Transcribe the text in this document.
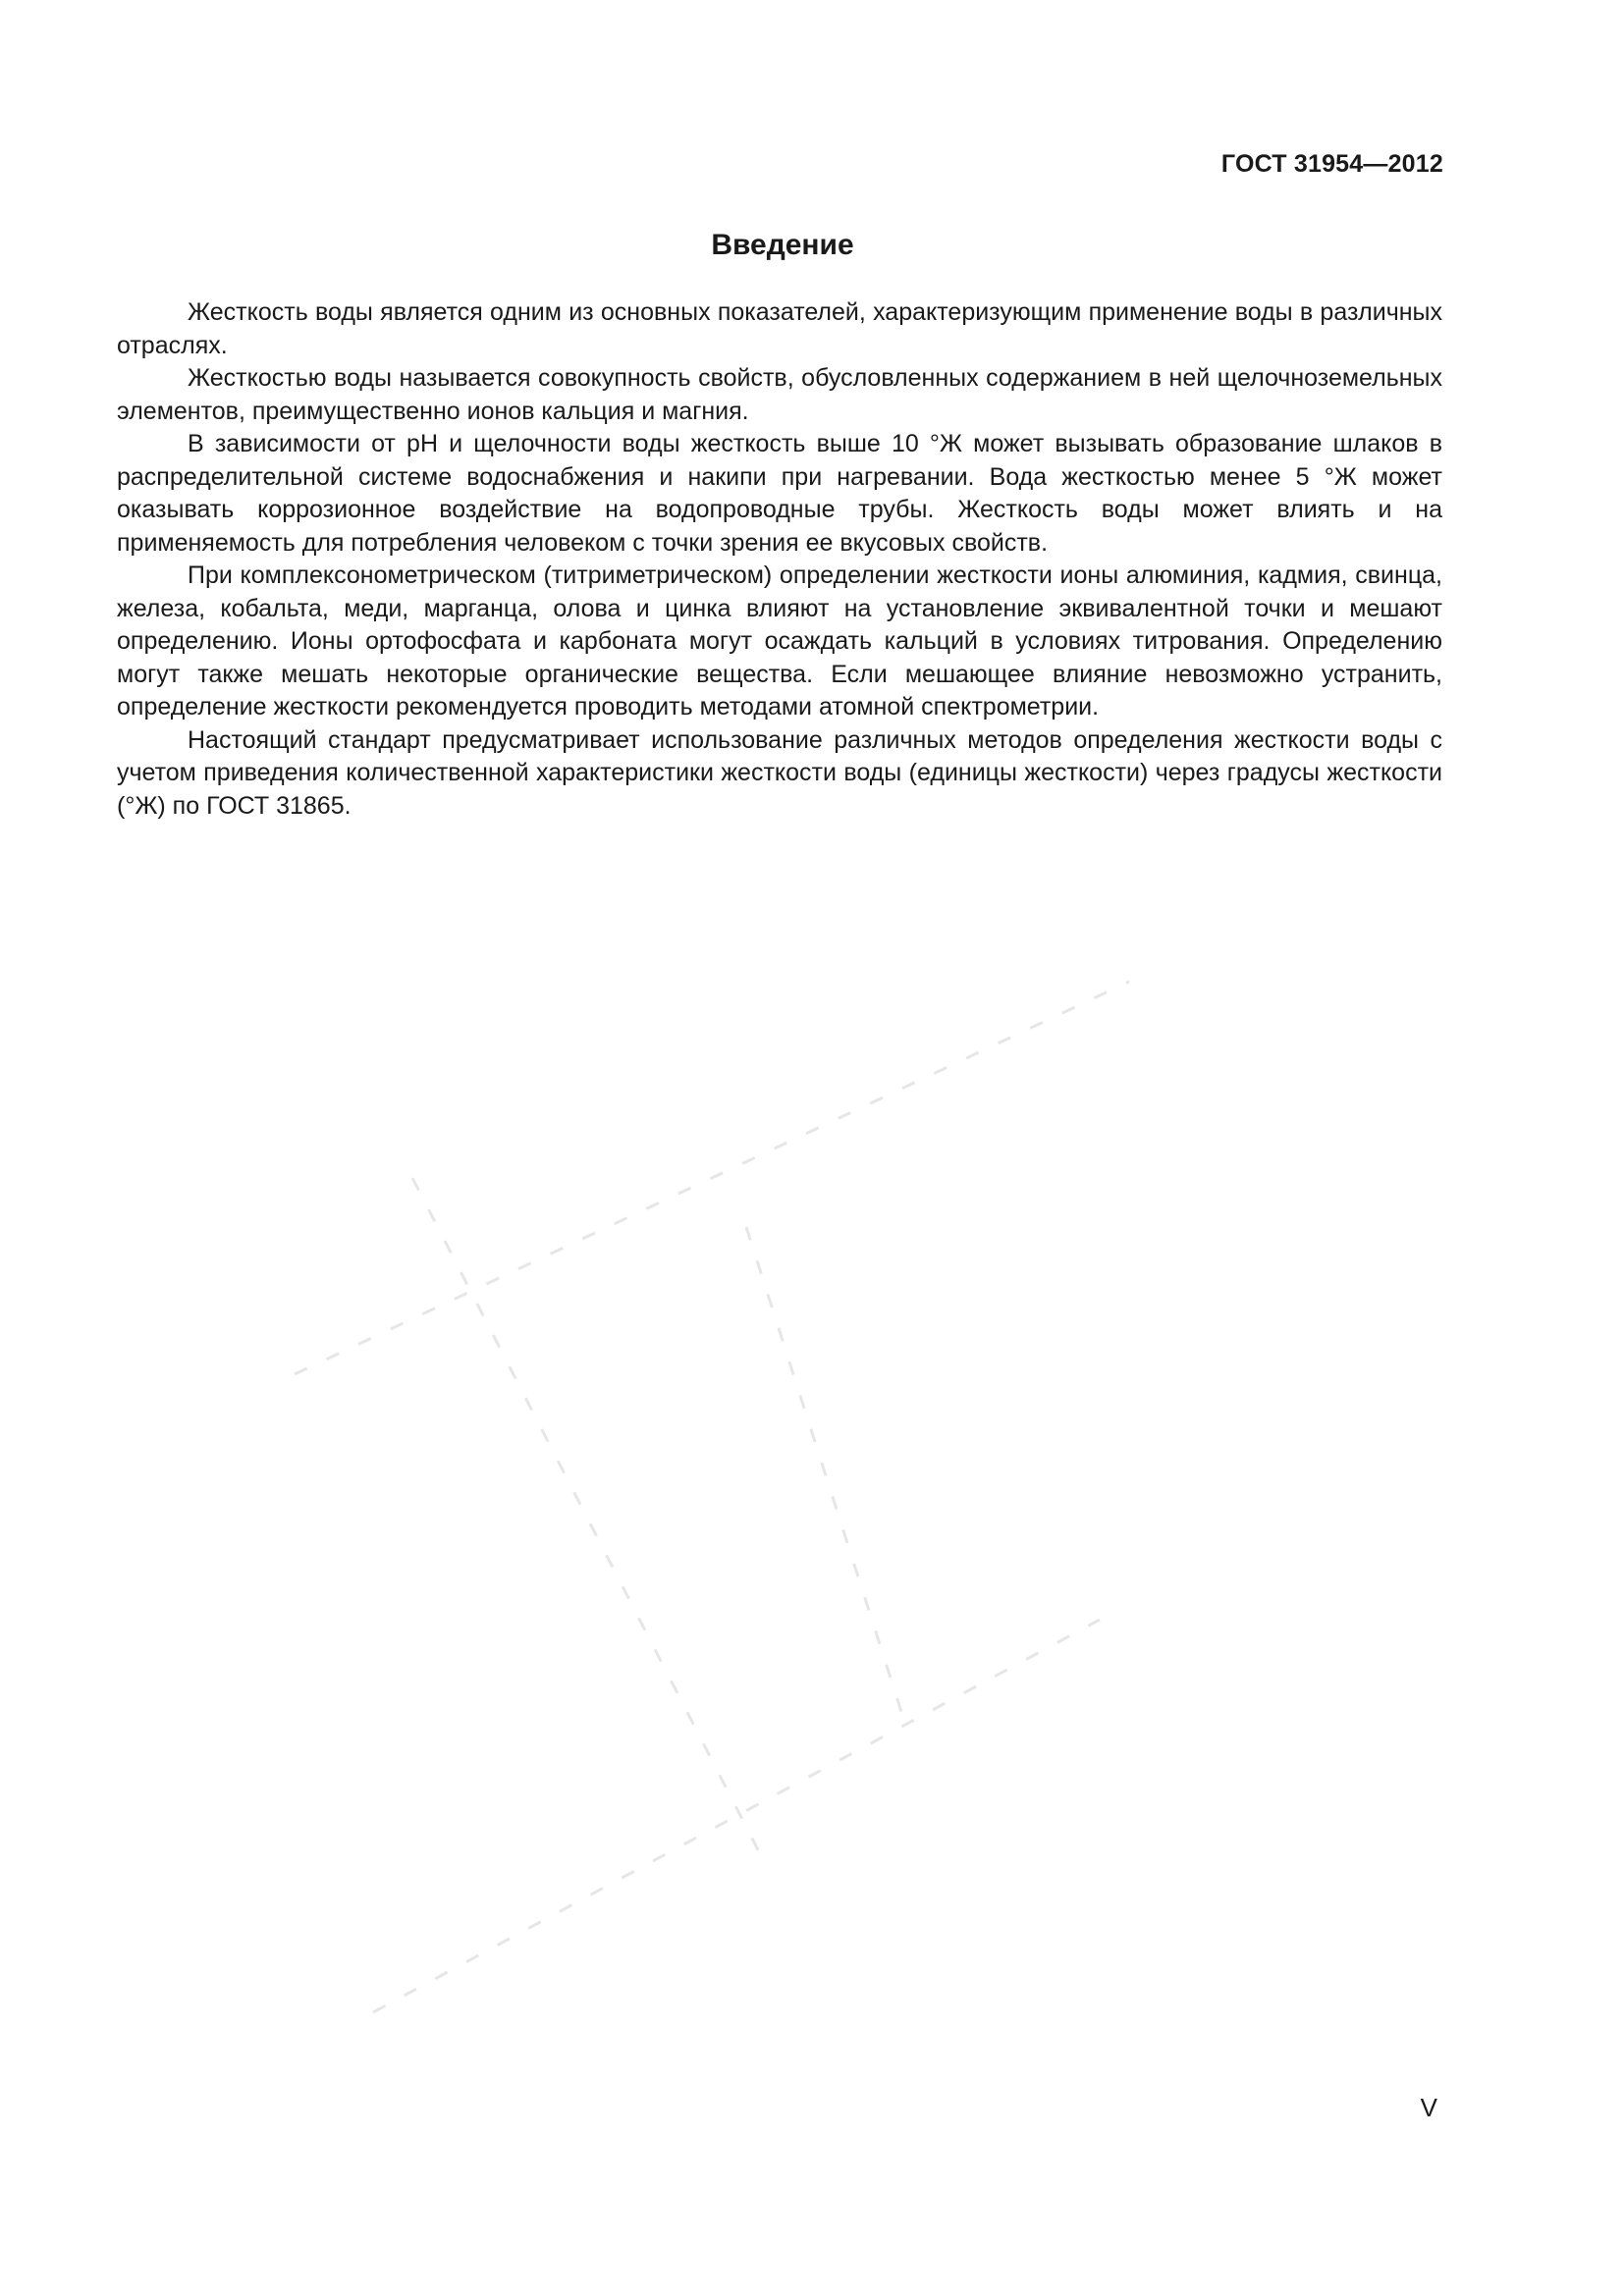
ГОСТ 31954—2012
Введение

Жесткость воды является одним из основных показателей, характеризующим применение воды в различных отраслях.

Жесткостью воды называется совокупность свойств, обусловленных содержанием в ней щелочноземельных элементов, преимущественно ионов кальция и магния.

В зависимости от pH и щелочности воды жесткость выше 10 °Ж может вызывать образование шлаков в распределительной системе водоснабжения и накипи при нагревании. Вода жесткостью менее 5 °Ж может оказывать коррозионное воздействие на водопроводные трубы. Жесткость воды может влиять и на применяемость для потребления человеком с точки зрения ее вкусовых свойств.

При комплексонометрическом (титриметрическом) определении жесткости ионы алюминия, кадмия, свинца, железа, кобальта, меди, марганца, олова и цинка влияют на установление эквивалентной точки и мешают определению. Ионы ортофосфата и карбоната могут осаждать кальций в условиях титрования. Определению могут также мешать некоторые органические вещества. Если мешающее влияние невозможно устранить, определение жесткости рекомендуется проводить методами атомной спектрометрии.

Настоящий стандарт предусматривает использование различных методов определения жесткости воды с учетом приведения количественной характеристики жесткости воды (единицы жесткости) через градусы жесткости (°Ж) по ГОСТ 31865.

V
